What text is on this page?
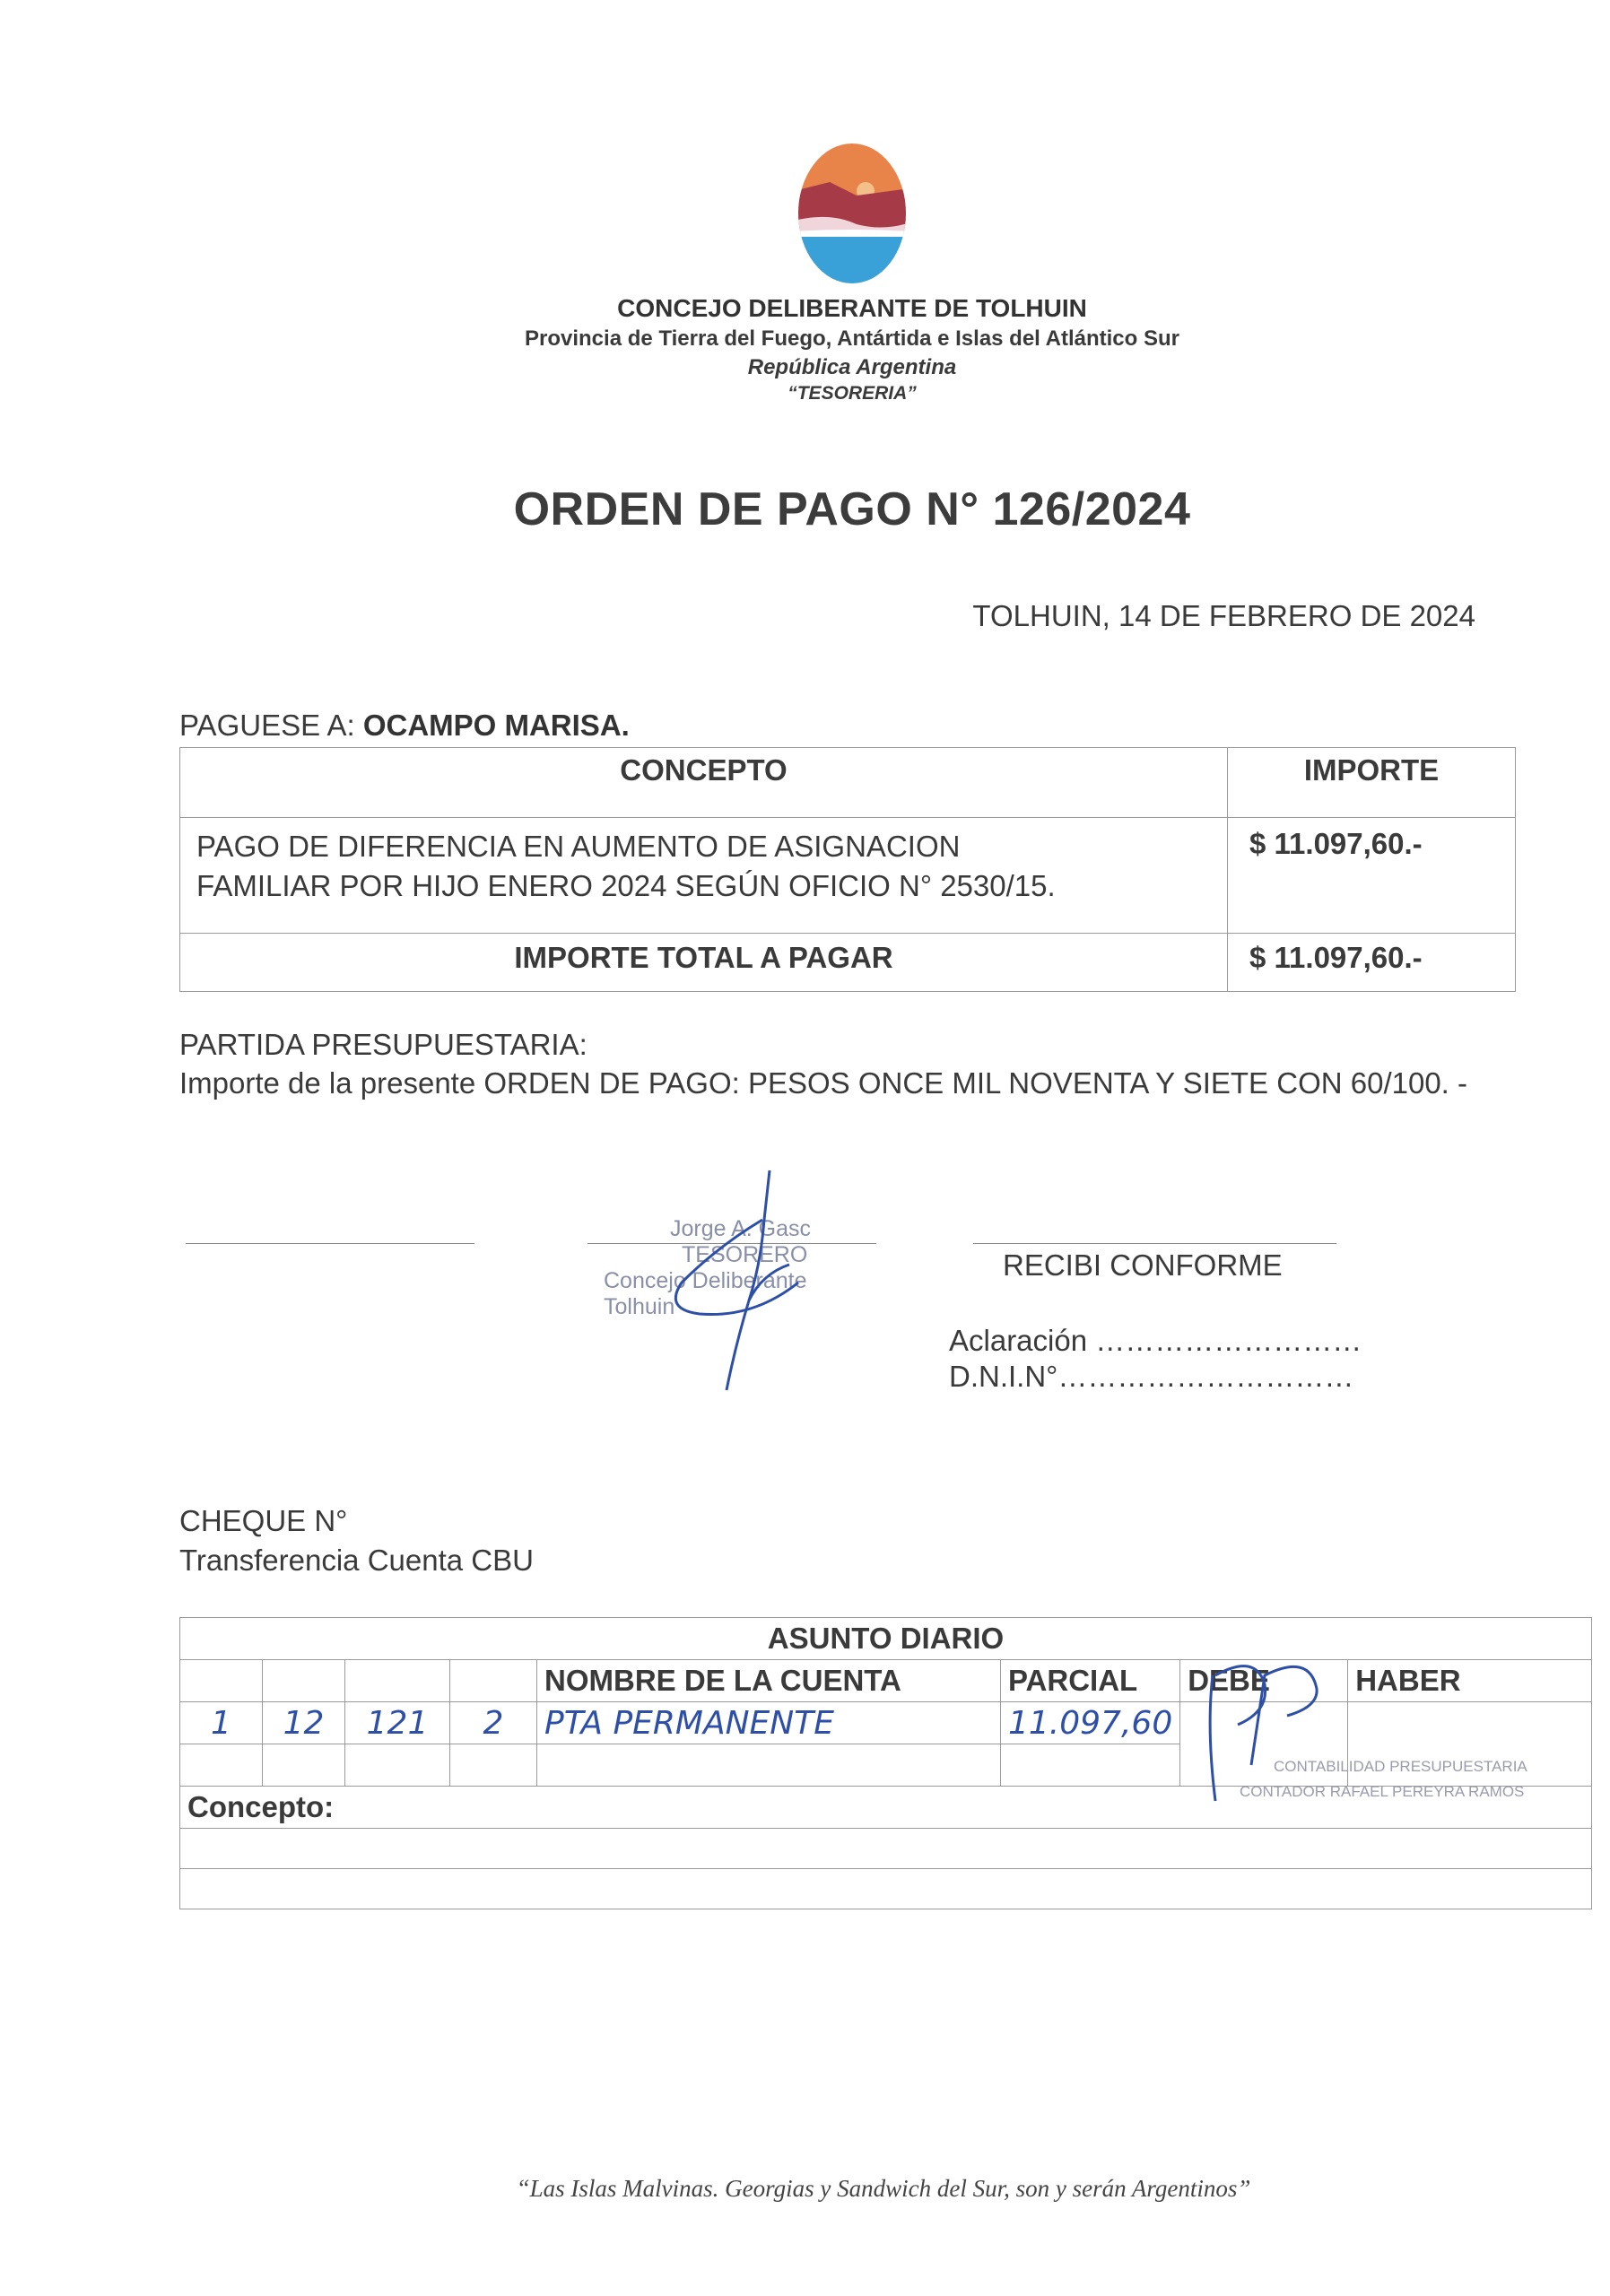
CONCEJO DELIBERANTE DE TOLHUIN
Provincia de Tierra del Fuego, Antártida e Islas del Atlántico Sur
República Argentina
“TESORERIA”
ORDEN DE PAGO N° 126/2024
TOLHUIN, 14 DE FEBRERO DE 2024
PAGUESE A: OCAMPO MARISA.
CONCEPTO	IMPORTE

PAGO DE DIFERENCIA EN AUMENTO DE ASIGNACION
FAMILIAR POR HIJO ENERO 2024 SEGÚN OFICIO N° 2530/15.	$ 11.097,60.-
IMPORTE TOTAL A PAGAR	$ 11.097,60.-
PARTIDA PRESUPUESTARIA:
Importe de la presente ORDEN DE PAGO: PESOS ONCE MIL NOVENTA Y SIETE CON 60/100. -
Jorge A. Gasc
TESORERO
Concejo Deliberante Tolhuin
RECIBI CONFORME
Aclaración ………………………
D.N.I.N°…………………………
CHEQUE N°
Transferencia Cuenta CBU
ASUNTO DIARIO							
				NOMBRE DE LA CUENTA	PARCIAL	DEBE	HABER
1	12	121	2	PTA PERMANENTE	11.097,60		

Concepto:							

CONTABILIDAD PRESUPUESTARIA
CONTADOR RAFAEL PEREYRA RAMOS
“Las Islas Malvinas. Georgias y Sandwich del Sur, son y serán Argentinos”
